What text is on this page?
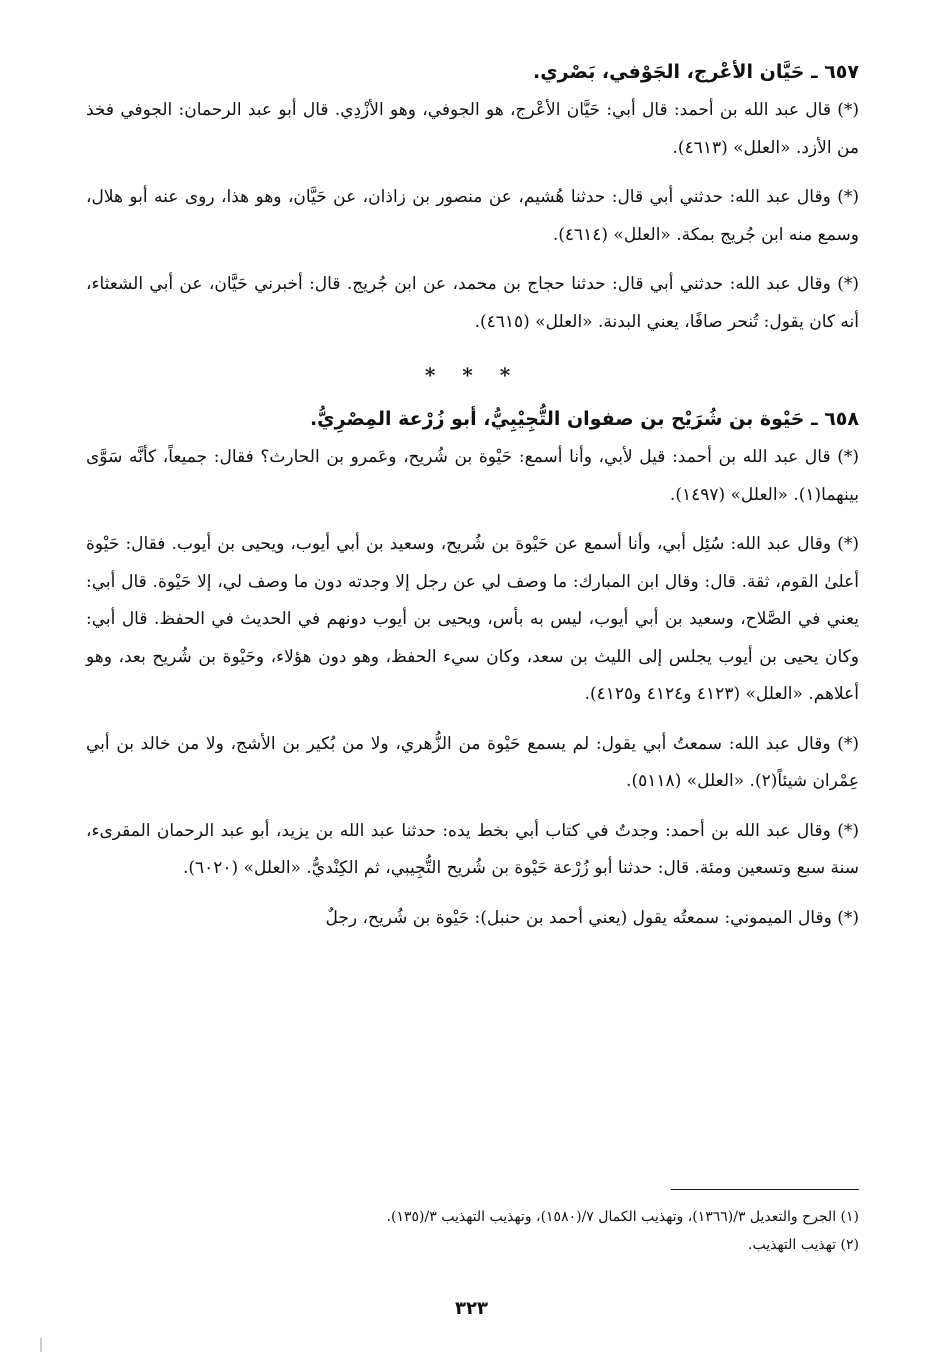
٦٥٧ ـ حَيَّان الأعْرج، الجَوْفي، بَصْري.

(*) قال عبد الله بن أحمد: قال أبي: حَيَّان الأعْرج، هو الجوفي، وهو الأزْدِي. قال أبو عبد الرحمان: الجوفي فخذ من الأزد. «العلل» (٤٦١٣).

(*) وقال عبد الله: حدثني أبي قال: حدثنا هُشيم، عن منصور بن زاذان، عن حَيَّان، وهو هذا، روى عنه أبو هلال، وسمع منه ابن جُريج بمكة. «العلل» (٤٦١٤).

(*) وقال عبد الله: حدثني أبي قال: حدثنا حجاج بن محمد، عن ابن جُريج. قال: أخبرني حَيَّان، عن أبي الشعثاء، أنه كان يقول: تُنحر صافًا، يعني البدنة. «العلل» (٤٦١٥).

* * *
٦٥٨ ـ حَيْوة بن شُرَيْح بن صفوان التُّجِيْبِيُّ، أبو زُرْعة المِصْرِيُّ.

(*) قال عبد الله بن أحمد: قيل لأبي، وأنا أسمع: حَيْوة بن شُريح، وعَمرو بن الحارث؟ فقال: جميعاً، كأنَّه سَوَّى بينهما(١). «العلل» (١٤٩٧).

(*) وقال عبد الله: سُئِل أبي، وأنا أسمع عن حَيْوة بن شُريح، وسعيد بن أبي أيوب، ويحيى بن أيوب. فقال: حَيْوة أعلىٰ القوم، ثقة. قال: وقال ابن المبارك: ما وصف لي عن رجل إلا وجدته دون ما وصف لي، إلا حَيْوة. قال أبي: يعني في الصَّلاح، وسعيد بن أبي أيوب، ليس به بأس، ويحيى بن أيوب دونهم في الحديث في الحفظ. قال أبي: وكان يحيى بن أيوب يجلس إلى الليث بن سعد، وكان سيء الحفظ، وهو دون هؤلاء، وحَيْوة بن شُريح بعد، وهو أعلاهم. «العلل» (٤١٢٣ و٤١٢٤ و٤١٢٥).

(*) وقال عبد الله: سمعتُ أبي يقول: لم يسمع حَيْوة من الزُّهري، ولا من بُكير بن الأشج، ولا من خالد بن أبي عِمْران شيئاً(٢). «العلل» (٥١١٨).

(*) وقال عبد الله بن أحمد: وجدتُ في كتاب أبي بخط يده: حدثنا عبد الله بن يزيد، أبو عبد الرحمان المقرىء، سنة سبع وتسعين ومئة. قال: حدثنا أبو زُرْعة حَيْوة بن شُريح التُّجِيبي، ثم الكِنْديُّ. «العلل» (٦٠٢٠).

(*) وقال الميموني: سمعتُه يقول (يعني أحمد بن حنبل): حَيْوة بن شُريح، رجلٌ

(١) الجرح والتعديل ٣/(١٣٦٦)، وتهذيب الكمال ٧/(١٥٨٠)، وتهذيب التهذيب ٣/(١٣٥).

(٢) تهذيب التهذيب.

٣٢٣
